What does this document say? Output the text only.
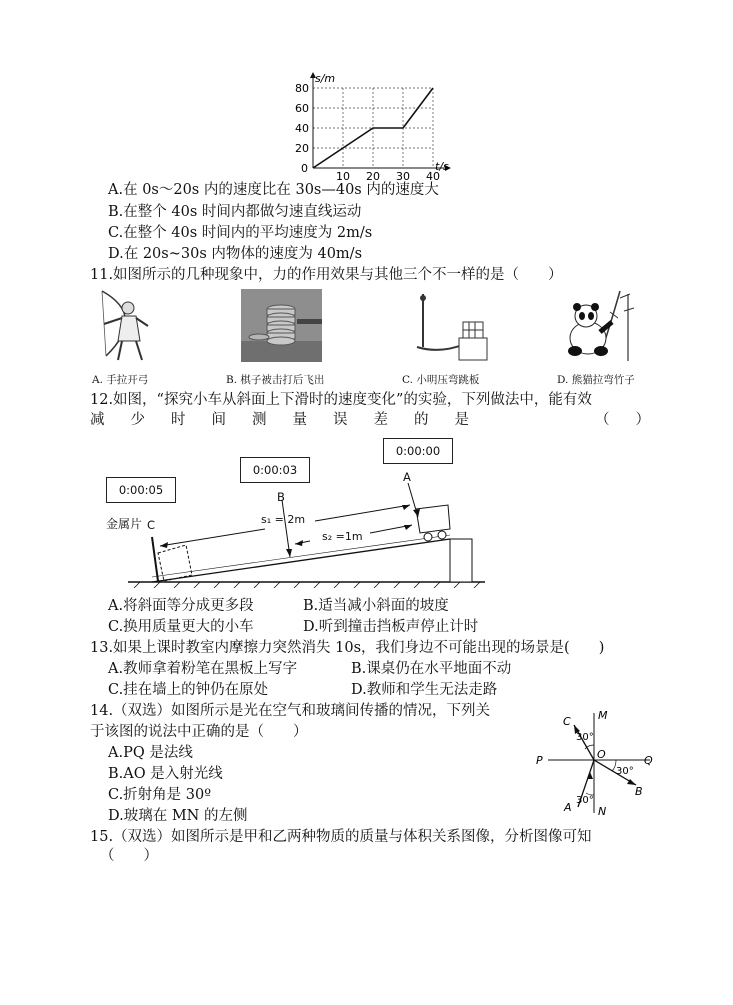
10 20 30 40
20
40
60
80
s/m
t/s
0
A.在 0s～20s 内的速度比在 30s—40s 内的速度大
B.在整个 40s 时间内都做匀速直线运动
C.在整个 40s 时间内的平均速度为 2m/s
D.在 20s~30s 内物体的速度为 40m/s
11.如图所示的几种现象中，力的作用效果与其他三个不一样的是（　　）
A. 手拉开弓	B. 棋子被击打后飞出	C. 小明压弯跳板	D. 熊猫拉弯竹子
12.如图，“探究小车从斜面上下滑时的速度变化”的实验，下列做法中，能有效
减 少 时 间 测 量 误 差 的 是	（ ）
0:00:00
0:00:03
0:00:05
A
B
C
金属片	s₁ = 2m
s₂ =1m
A.将斜面等分成更多段	B.适当减小斜面的坡度
C.换用质量更大的小车	D.听到撞击挡板声停止计时
13.如果上课时教室内摩擦力突然消失 10s，我们身边不可能出现的场景是(　　)
A.教师拿着粉笔在黑板上写字	B.课桌仍在水平地面不动
C.挂在墙上的钟仍在原处	D.教师和学生无法走路
14.（双选）如图所示是光在空气和玻璃间传播的情况，下列关
于该图的说法中正确的是（　　）
A.PQ 是法线
B.AO 是入射光线
C.折射角是 30º
D.玻璃在 MN 的左侧
M
N
P	Q
O
A
B
C
30°
30°
30°
15.（双选）如图所示是甲和乙两种物质的质量与体积关系图像，分析图像可知
（　　）
